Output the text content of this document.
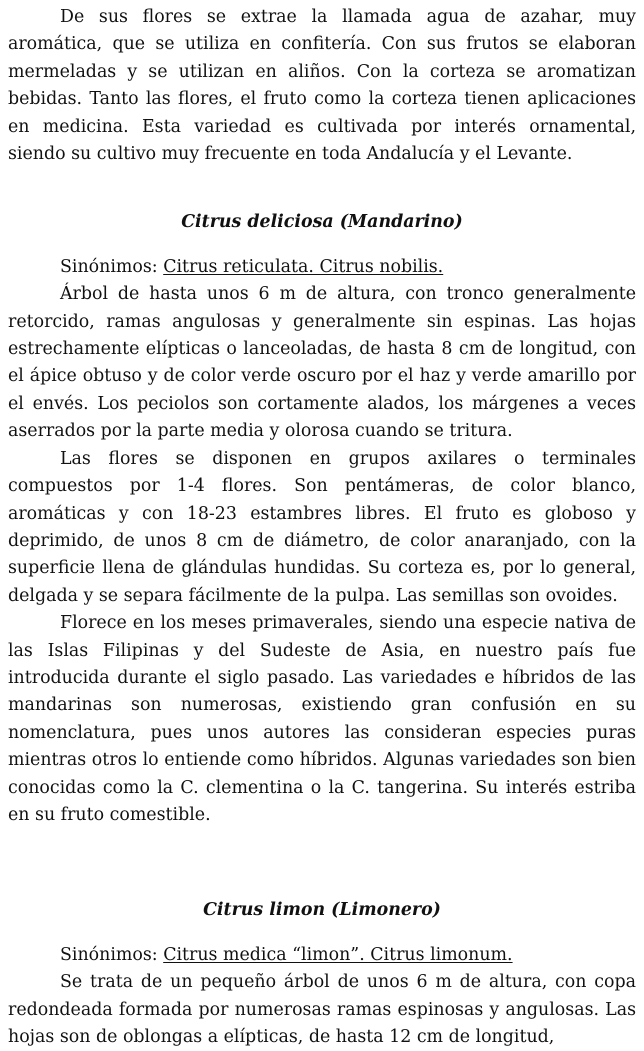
De sus flores se extrae la llamada agua de azahar, muy aromática, que se utiliza en confitería. Con sus frutos se elaboran mermeladas y se utilizan en aliños. Con la corteza se aromatizan bebidas. Tanto las flores, el fruto como la corteza tienen aplicaciones en medicina. Esta variedad es cultivada por interés ornamental, siendo su cultivo muy frecuente en toda Andalucía y el Levante.

Citrus deliciosa (Mandarino)

Sinónimos: Citrus reticulata. Citrus nobilis.

Árbol de hasta unos 6 m de altura, con tronco generalmente retorcido, ramas angulosas y generalmente sin espinas. Las hojas estrechamente elípticas o lanceoladas, de hasta 8 cm de longitud, con el ápice obtuso y de color verde oscuro por el haz y verde amarillo por el envés. Los peciolos son cortamente alados, los márgenes a veces aserrados por la parte media y olorosa cuando se tritura.

Las flores se disponen en grupos axilares o terminales compuestos por 1-4 flores. Son pentámeras, de color blanco, aromáticas y con 18-23 estambres libres. El fruto es globoso y deprimido, de unos 8 cm de diámetro, de color anaranjado, con la superficie llena de glándulas hundidas. Su corteza es, por lo general, delgada y se separa fácilmente de la pulpa. Las semillas son ovoides.

Florece en los meses primaverales, siendo una especie nativa de las Islas Filipinas y del Sudeste de Asia, en nuestro país fue introducida durante el siglo pasado. Las variedades e híbridos de las mandarinas son numerosas, existiendo gran confusión en su nomenclatura, pues unos autores las consideran especies puras mientras otros lo entiende como híbridos. Algunas variedades son bien conocidas como la C. clementina o la C. tangerina. Su interés estriba en su fruto comestible.

Citrus limon (Limonero)

Sinónimos: Citrus medica “limon”. Citrus limonum.

Se trata de un pequeño árbol de unos 6 m de altura, con copa redondeada formada por numerosas ramas espinosas y angulosas. Las hojas son de oblongas a elípticas, de hasta 12 cm de longitud,
